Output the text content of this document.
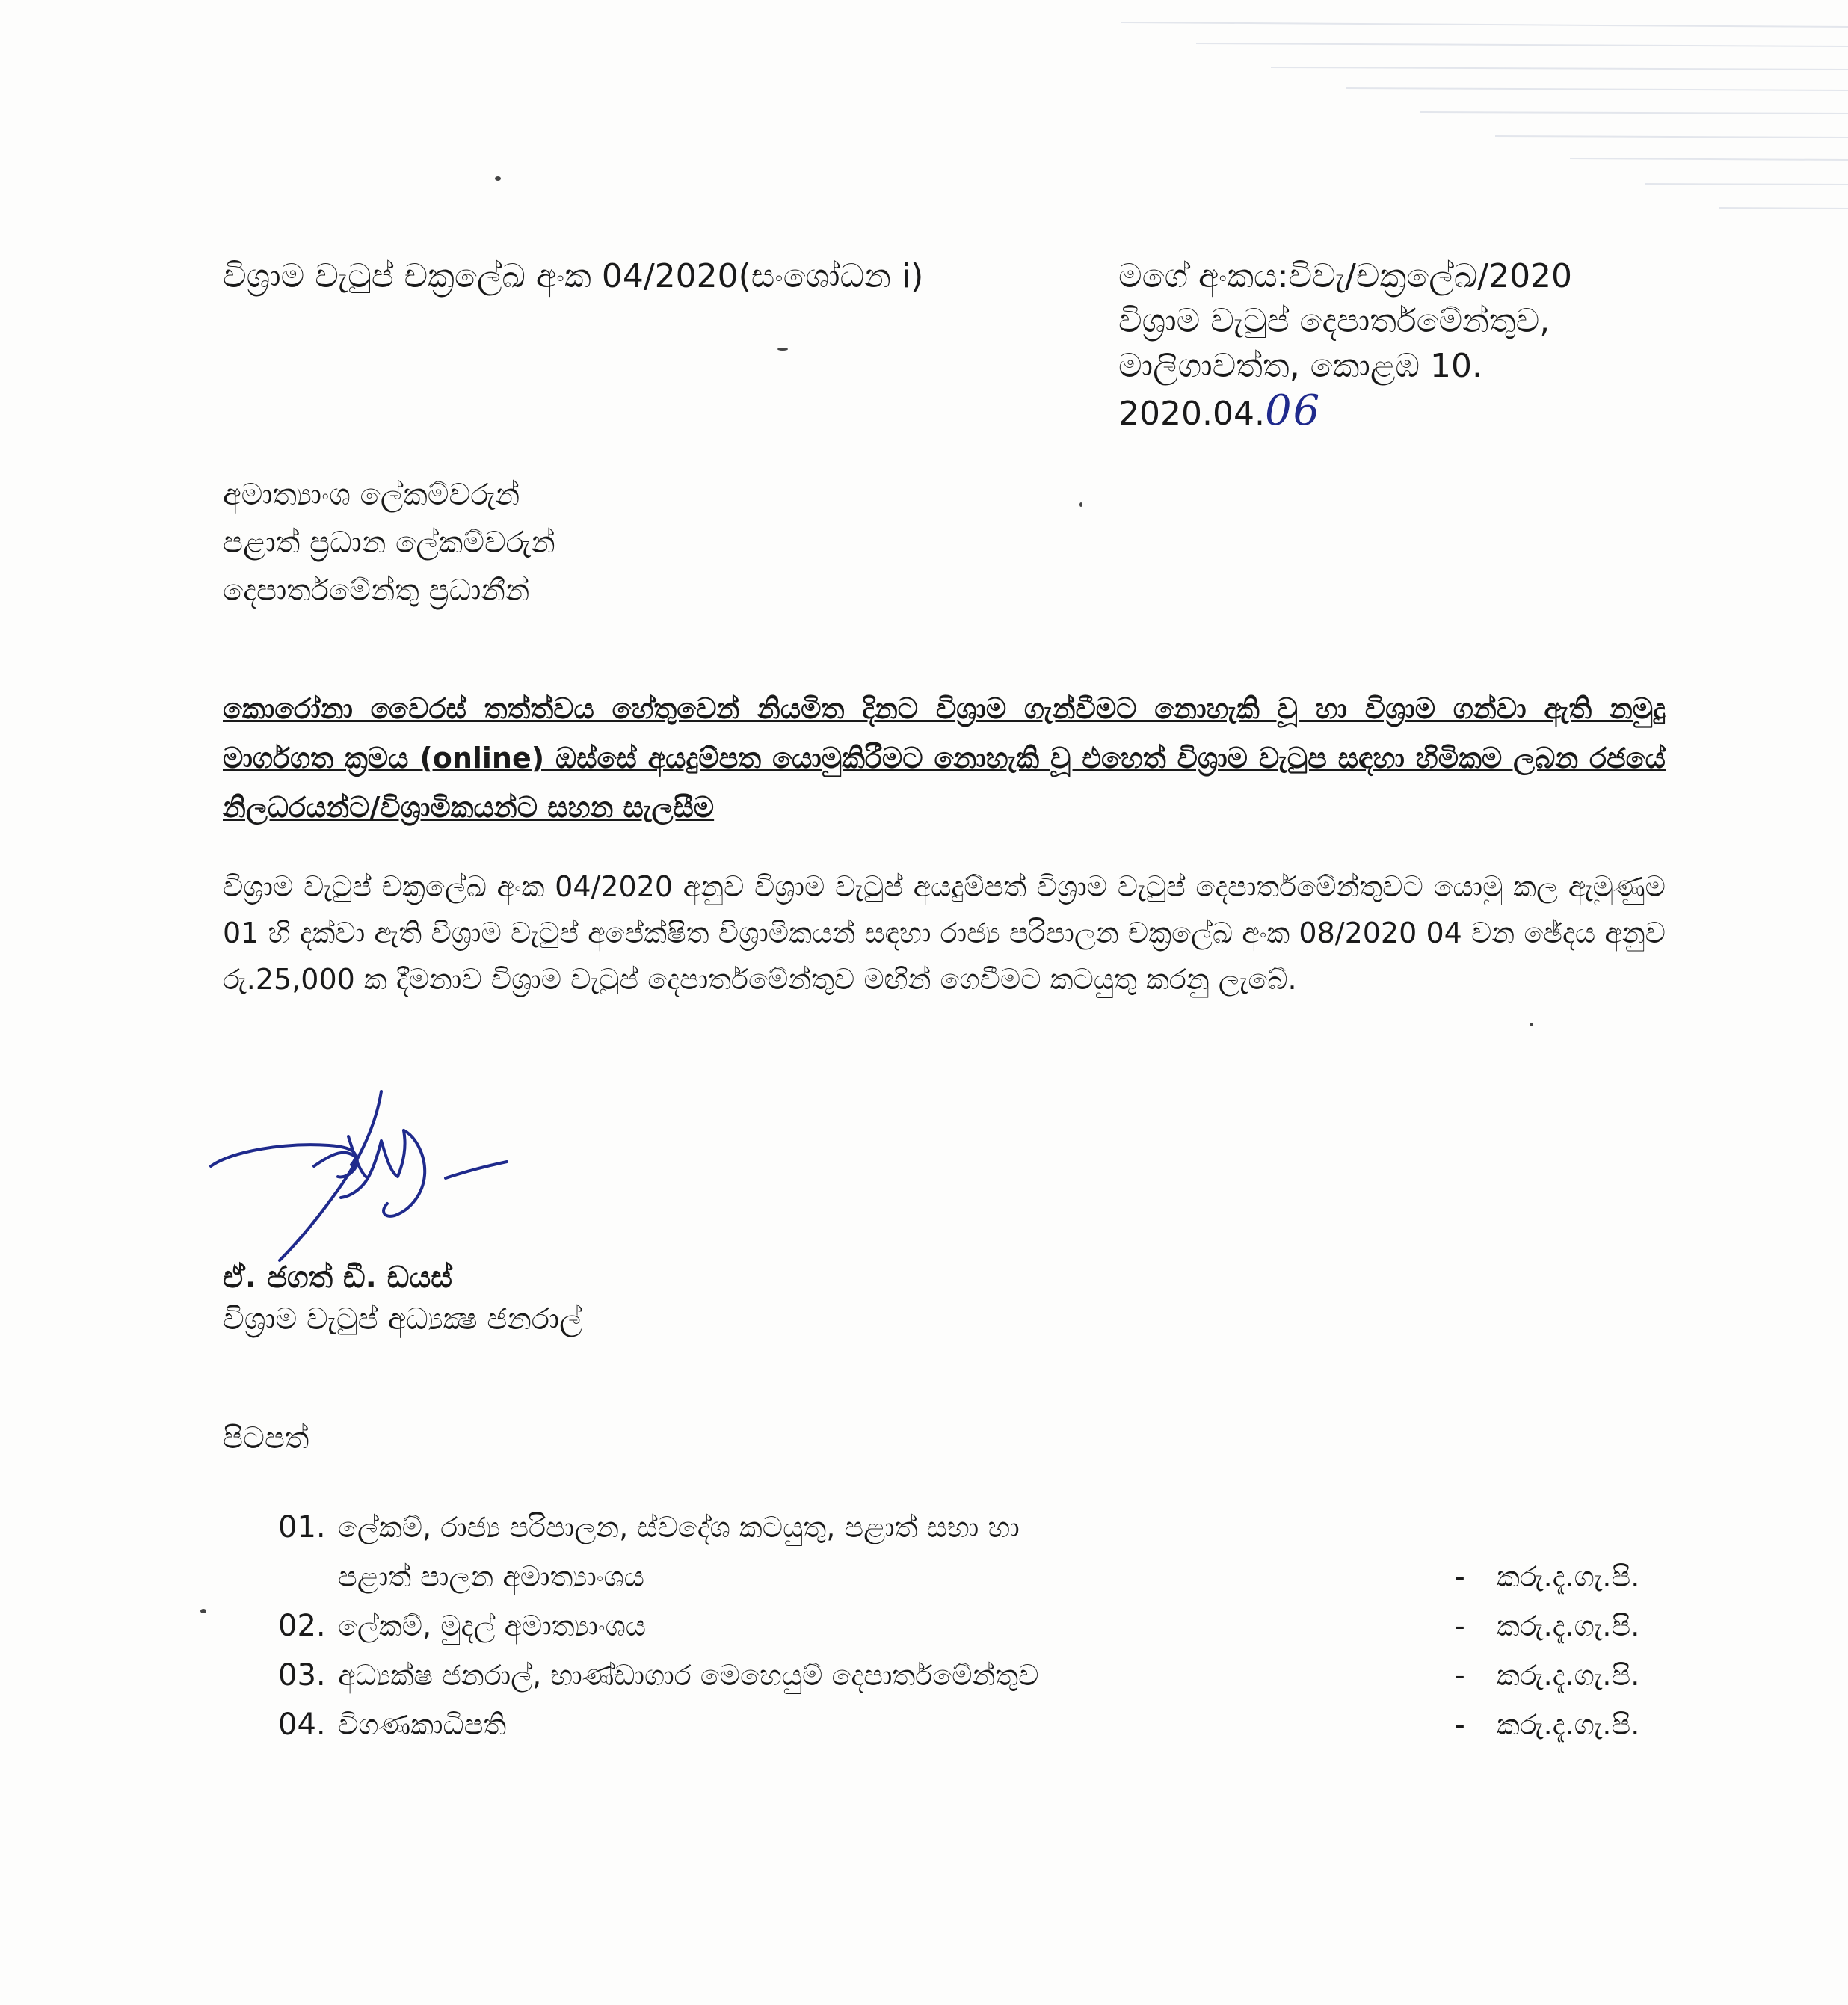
විශ්‍රාම වැටුප් චක්‍රලේඛ අංක 04/2020(සංශෝධන i)	මගේ අංකය:විවැ/චක්‍රලේඛ/2020
විශ්‍රාම වැටුප් දෙපාර්තමේන්තුව,
මාලිගාවත්ත, කොළඹ 10.
2020.04.06
අමාත්‍යාංශ ලේකම්වරුන්
පළාත් ප්‍රධාන ලේකම්වරුන්
දෙපාර්තමේන්තු ප්‍රධානීන්
කොරෝනා වෛරස් තත්ත්වය හේතුවෙන් නියමිත දිනට විශ්‍රාම ගැන්වීමට නොහැකි වූ හා විශ්‍රාම ගන්වා ඇති නමුදු මාර්ගගත ක්‍රමය (online) ඔස්සේ අයදුම්පත යොමුකිරීමට නොහැකි වූ එහෙත් විශ්‍රාම වැටුප සඳහා හිමිකම ලබන රජයේ නිලධරයන්ට/විශ්‍රාමිකයන්ට සහන සැලසීම
විශ්‍රාම වැටුප් චක්‍රලේඛ අංක 04/2020 අනුව විශ්‍රාම වැටුප් අයදුම්පත් විශ්‍රාම වැටුප් දෙපාර්තමේන්තුවට යොමු කල ඇමුණුම 01 හි දක්වා ඇති විශ්‍රාම වැටුප් අපේක්ෂිත විශ්‍රාමිකයන් සඳහා රාජ්‍ය පරිපාලන චක්‍රලේඛ අංක 08/2020 04 වන ඡේදය අනුව රු.25,000 ක දීමනාව විශ්‍රාම වැටුප් දෙපාර්තමේන්තුව මඟින් ගෙවීමට කටයුතු කරනු ලැබේ.
ඒ. ජගත් ඩී. ඩයස්
විශ්‍රාම වැටුප් අධ්‍යක්‍ෂ ජනරාල්
පිටපත්
01. ලේකම්, රාජ්‍ය පරිපාලන, ස්වදේශ කටයුතු, පළාත් සභා හා
පළාත් පාලන අමාත්‍යාංශය	- කරු.දැ.ගැ.පි.
02. ලේකම්, මුදල් අමාත්‍යාංශය	- කරු.දැ.ගැ.පි.
03. අධ්‍යක්ෂ ජනරාල්, භාණ්ඩාගාර මෙහෙයුම් දෙපාර්තමේන්තුව	- කරු.දැ.ගැ.පි.
04. විගණකාධිපති	- කරු.දැ.ගැ.පි.
